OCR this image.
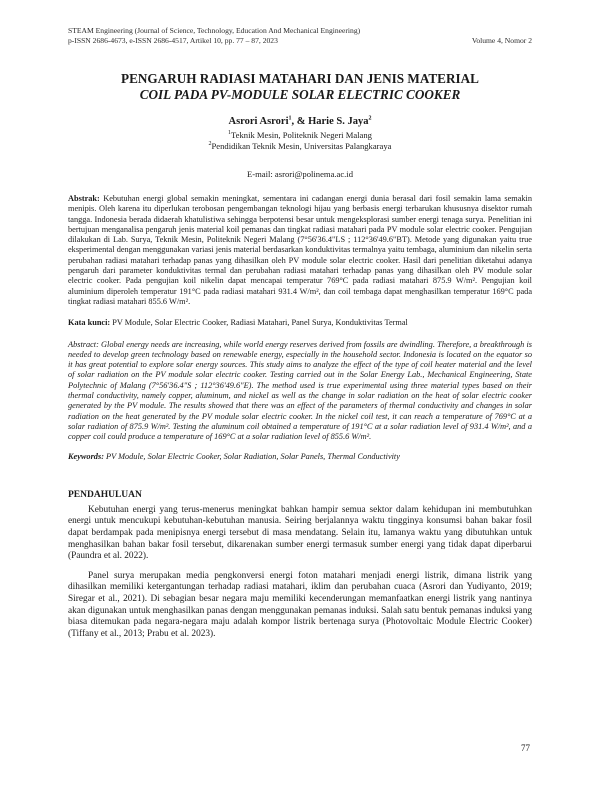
STEAM Engineering (Journal of Science, Technology, Education And Mechanical Engineering)
p-ISSN 2686-4673, e-ISSN 2686-4517, Artikel 10, pp. 77 – 87, 2023	Volume 4, Nomor 2
PENGARUH RADIASI MATAHARI DAN JENIS MATERIAL
COIL PADA PV-MODULE SOLAR ELECTRIC COOKER
Asrori Asrori$^1$, & Harie S. Jaya$^2$
$^1$Teknik Mesin, Politeknik Negeri Malang
$^2$Pendidikan Teknik Mesin, Universitas Palangkaraya
E-mail: asrori@polinema.ac.id
Abstrak: Kebutuhan energi global semakin meningkat, sementara ini cadangan energi dunia berasal dari fosil semakin lama semakin menipis. Oleh karena itu diperlukan terobosan pengembangan teknologi hijau yang berbasis energi terbarukan khususnya disektor rumah tangga. Indonesia berada didaerah khatulistiwa sehingga berpotensi besar untuk mengeksplorasi sumber energi tenaga surya. Penelitian ini bertujuan menganalisa pengaruh jenis material koil pemanas dan tingkat radiasi matahari pada PV module solar electric cooker. Pengujian dilakukan di Lab. Surya, Teknik Mesin, Politeknik Negeri Malang (7°56'36.4"LS ; 112°36'49.6"BT). Metode yang digunakan yaitu true eksperimental dengan menggunakan variasi jenis material berdasarkan konduktivitas termalnya yaitu tembaga, aluminium dan nikelin serta perubahan radiasi matahari terhadap panas yang dihasilkan oleh PV module solar electric cooker. Hasil dari penelitian diketahui adanya pengaruh dari parameter konduktivitas termal dan perubahan radiasi matahari terhadap panas yang dihasilkan oleh PV module solar electric cooker. Pada pengujian koil nikelin dapat mencapai temperatur 769°C pada radiasi matahari 875.9 W/m². Pengujian koil aluminium diperoleh temperatur 191°C pada radiasi matahari 931.4 W/m², dan coil tembaga dapat menghasilkan temperatur 169°C pada tingkat radiasi matahari 855.6 W/m².
Kata kunci: PV Module, Solar Electric Cooker, Radiasi Matahari, Panel Surya, Konduktivitas Termal
Abstract: Global energy needs are increasing, while world energy reserves derived from fossils are dwindling. Therefore, a breakthrough is needed to develop green technology based on renewable energy, especially in the household sector. Indonesia is located on the equator so it has great potential to explore solar energy sources. This study aims to analyze the effect of the type of coil heater material and the level of solar radiation on the PV module solar electric cooker. Testing carried out in the Solar Energy Lab., Mechanical Engineering, State Polytechnic of Malang (7°56'36.4"S ; 112°36'49.6"E). The method used is true experimental using three material types based on their thermal conductivity, namely copper, aluminum, and nickel as well as the change in solar radiation on the heat of solar electric cooker generated by the PV module. The results showed that there was an effect of the parameters of thermal conductivity and changes in solar radiation on the heat generated by the PV module solar electric cooker. In the nickel coil test, it can reach a temperature of 769°C at a solar radiation of 875.9 W/m². Testing the aluminum coil obtained a temperature of 191°C at a solar radiation level of 931.4 W/m², and a copper coil could produce a temperature of 169°C at a solar radiation level of 855.6 W/m².
Keywords: PV Module, Solar Electric Cooker, Solar Radiation, Solar Panels, Thermal Conductivity
PENDAHULUAN
Kebutuhan energi yang terus-menerus meningkat bahkan hampir semua sektor dalam kehidupan ini membutuhkan energi untuk mencukupi kebutuhan-kebutuhan manusia. Seiring berjalannya waktu tingginya konsumsi bahan bakar fosil dapat berdampak pada menipisnya energi tersebut di masa mendatang. Selain itu, lamanya waktu yang dibutuhkan untuk menghasilkan bahan bakar fosil tersebut, dikarenakan sumber energi termasuk sumber energi yang tidak dapat diperbarui (Paundra et al. 2022).
Panel surya merupakan media pengkonversi energi foton matahari menjadi energi listrik, dimana listrik yang dihasilkan memiliki ketergantungan terhadap radiasi matahari, iklim dan perubahan cuaca (Asrori dan Yudiyanto, 2019; Siregar et al., 2021). Di sebagian besar negara maju memiliki kecenderungan memanfaatkan energi listrik yang nantinya akan digunakan untuk menghasilkan panas dengan menggunakan pemanas induksi. Salah satu bentuk pemanas induksi yang biasa ditemukan pada negara-negara maju adalah kompor listrik bertenaga surya (Photovoltaic Module Electric Cooker) (Tiffany et al., 2013; Prabu et al. 2023).
77
